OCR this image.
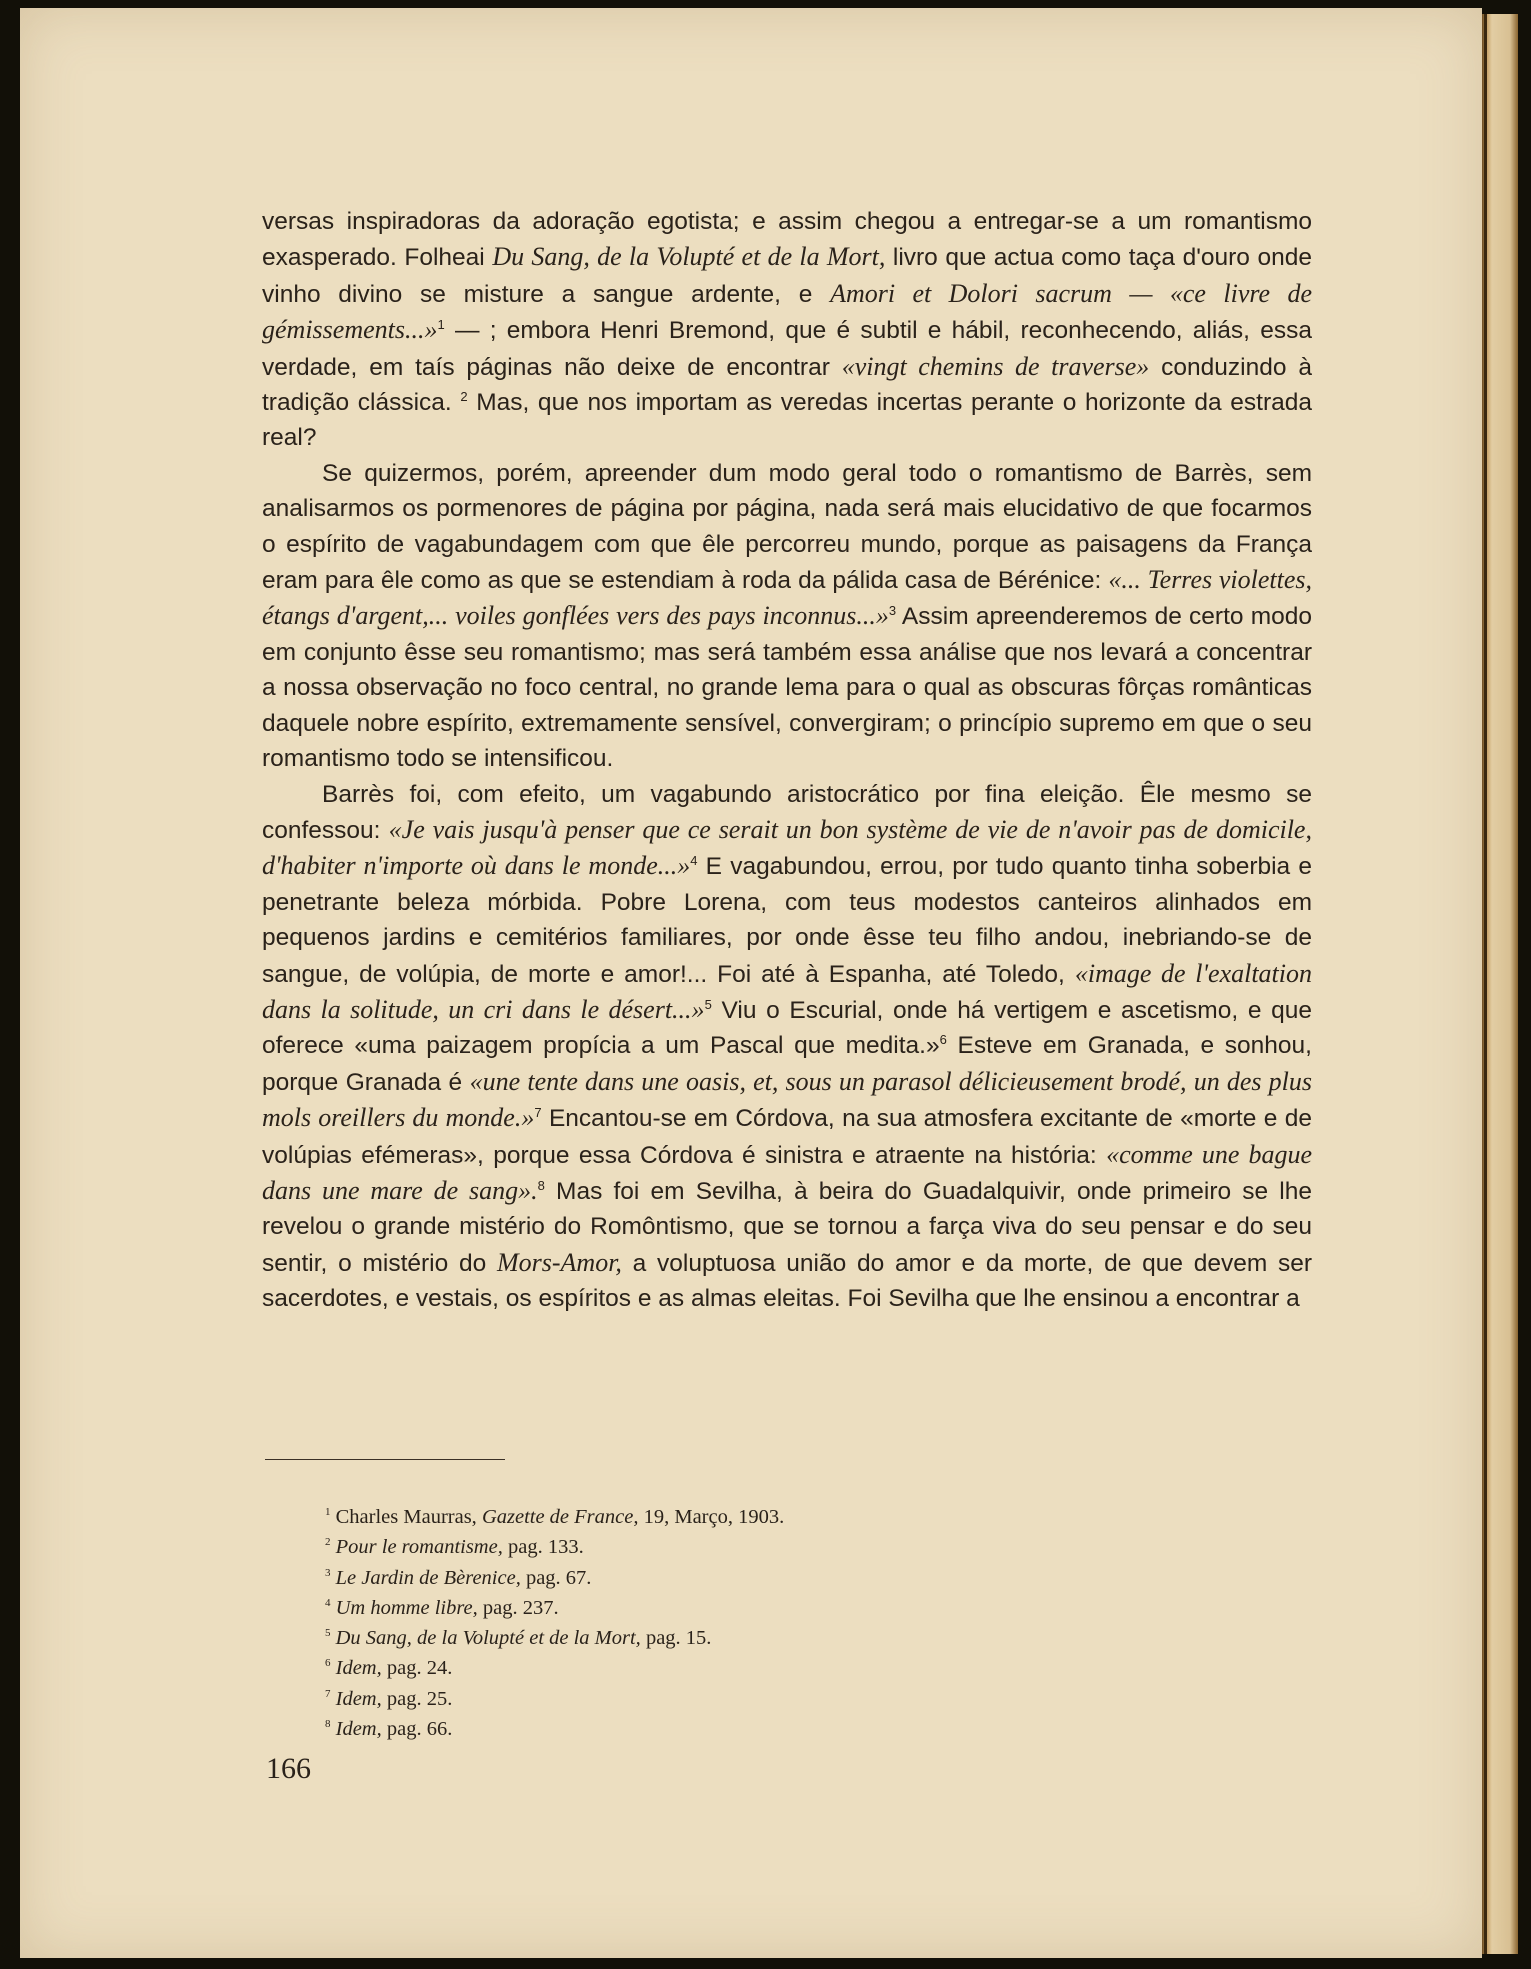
versas inspiradoras da adoração egotista; e assim chegou a entregar-se a um romantismo exasperado. Folheai Du Sang, de la Volupté et de la Mort, livro que actua como taça d'ouro onde vinho divino se misture a sangue ardente, e Amori et Dolori sacrum — «ce livre de gémissements...»$^1$ — ; embora Henri Bremond, que é subtil e hábil, reconhecendo, aliás, essa verdade, em taís páginas não deixe de encontrar «vingt chemins de traverse» conduzindo à tradição clássica. $^2$ Mas, que nos importam as veredas incertas perante o horizonte da estrada real?

Se quizermos, porém, apreender dum modo geral todo o romantismo de Barrès, sem analisarmos os pormenores de página por página, nada será mais elucidativo de que focarmos o espírito de vagabundagem com que êle percorreu mundo, porque as paisagens da França eram para êle como as que se estendiam à roda da pálida casa de Bérénice: «... Terres violettes, étangs d'argent,... voiles gonflées vers des pays inconnus...»$^3$ Assim apreenderemos de certo modo em conjunto êsse seu romantismo; mas será também essa análise que nos levará a concentrar a nossa observação no foco central, no grande lema para o qual as obscuras fôrças românticas daquele nobre espírito, extremamente sensível, convergiram; o princípio supremo em que o seu romantismo todo se intensificou.

Barrès foi, com efeito, um vagabundo aristocrático por fina eleição. Êle mesmo se confessou: «Je vais jusqu'à penser que ce serait un bon système de vie de n'avoir pas de domicile, d'habiter n'importe où dans le monde...»$^4$ E vagabundou, errou, por tudo quanto tinha soberbia e penetrante beleza mórbida. Pobre Lorena, com teus modestos canteiros alinhados em pequenos jardins e cemitérios familiares, por onde êsse teu filho andou, inebriando-se de sangue, de volúpia, de morte e amor!... Foi até à Espanha, até Toledo, «image de l'exaltation dans la solitude, un cri dans le désert...»$^5$ Viu o Escurial, onde há vertigem e ascetismo, e que oferece «uma paizagem propícia a um Pascal que medita.»$^6$ Esteve em Granada, e sonhou, porque Granada é «une tente dans une oasis, et, sous un parasol délicieusement brodé, un des plus mols oreillers du monde.»$^7$ Encantou-se em Córdova, na sua atmosfera excitante de «morte e de volúpias efémeras», porque essa Córdova é sinistra e atraente na história: «comme une bague dans une mare de sang».$^8$ Mas foi em Sevilha, à beira do Guadalquivir, onde primeiro se lhe revelou o grande mistério do Romôntismo, que se tornou a farça viva do seu pensar e do seu sentir, o mistério do Mors-Amor, a voluptuosa união do amor e da morte, de que devem ser sacerdotes, e vestais, os espíritos e as almas eleitas. Foi Sevilha que lhe ensinou a encontrar a

$^1$ Charles Maurras, Gazette de France, 19, Março, 1903.
$^2$ Pour le romantisme, pag. 133.
$^3$ Le Jardin de Bèrenice, pag. 67.
$^4$ Um homme libre, pag. 237.
$^5$ Du Sang, de la Volupté et de la Mort, pag. 15.
$^6$ Idem, pag. 24.
$^7$ Idem, pag. 25.
$^8$ Idem, pag. 66.
166
